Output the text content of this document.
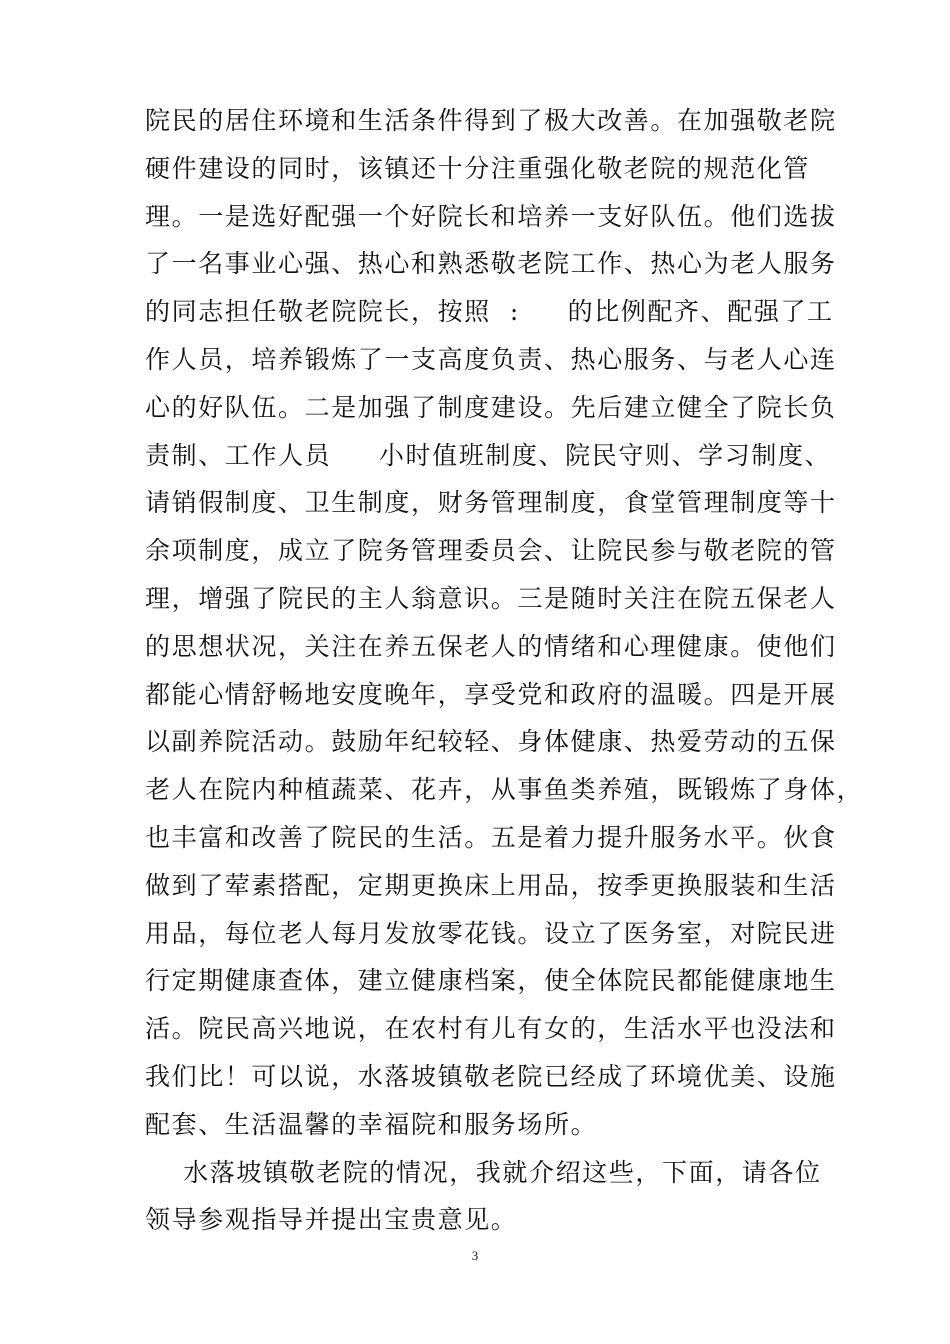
院民的居住环境和生活条件得到了极大改善。在加强敬老院
硬件建设的同时，该镇还十分注重强化敬老院的规范化管
理。一是选好配强一个好院长和培养一支好队伍。他们选拔
了一名事业心强、热心和熟悉敬老院工作、热心为老人服务
的同志担任敬老院院长，按照  :     的比例配齐、配强了工
作人员，培养锻炼了一支高度负责、热心服务、与老人心连
心的好队伍。二是加强了制度建设。先后建立健全了院长负
责制、工作人员     小时值班制度、院民守则、学习制度、
请销假制度、卫生制度，财务管理制度，食堂管理制度等十
余项制度，成立了院务管理委员会、让院民参与敬老院的管
理，增强了院民的主人翁意识。三是随时关注在院五保老人
的思想状况，关注在养五保老人的情绪和心理健康。使他们
都能心情舒畅地安度晚年，享受党和政府的温暖。四是开展
以副养院活动。鼓励年纪较轻、身体健康、热爱劳动的五保
老人在院内种植蔬菜、花卉，从事鱼类养殖，既锻炼了身体，
也丰富和改善了院民的生活。五是着力提升服务水平。伙食
做到了荤素搭配，定期更换床上用品，按季更换服装和生活
用品，每位老人每月发放零花钱。设立了医务室，对院民进
行定期健康查体，建立健康档案，使全体院民都能健康地生
活。院民高兴地说，在农村有儿有女的，生活水平也没法和
我们比！可以说，水落坡镇敬老院已经成了环境优美、设施
配套、生活温馨的幸福院和服务场所。
水落坡镇敬老院的情况，我就介绍这些，下面，请各位
领导参观指导并提出宝贵意见。
3
